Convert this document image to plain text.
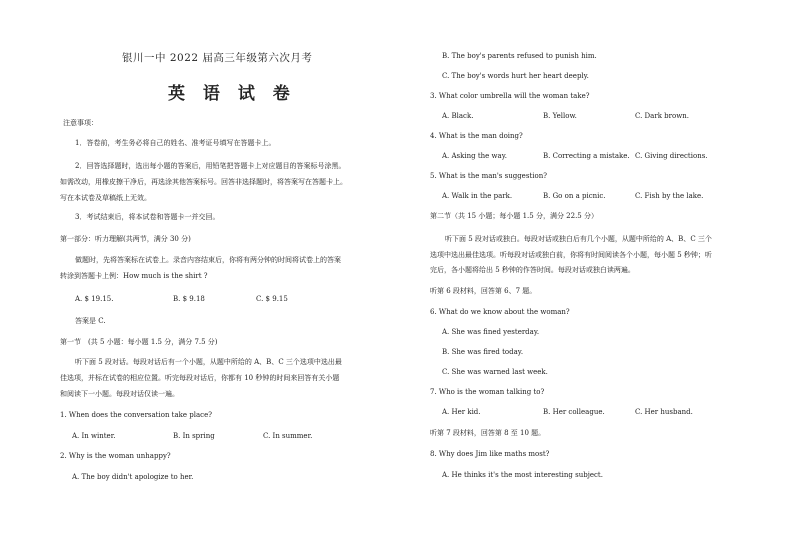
银川一中 2022 届高三年级第六次月考
英 语 试 卷
注意事项：
1．答卷前，考生务必将自己的姓名、准考证号填写在答题卡上。
2．回答选择题时，选出每小题的答案后，用铅笔把答题卡上对应题目的答案标号涂黑。
如需改动，用橡皮擦干净后，再选涂其他答案标号。回答非选择题时，将答案写在答题卡上。
写在本试卷及草稿纸上无效。
3．考试结束后，将本试卷和答题卡一并交回。
第一部分：听力理解(共两节，满分 30 分)
做题时，先将答案标在试卷上。录音内容结束后，你将有两分钟的时间将试卷上的答案
转涂到答题卡上例：How much is the shirt ?
A. $ 19.15.	B. $ 9.18	C. $ 9.15
答案是 C.
第一节　(共 5 小题：每小题 1.5 分，满分 7.5 分)
听下面 5 段对话。每段对话后有一个小题，从题中所给的 A、B、C 三个选项中选出最
佳选项，并标在试卷的相应位置。听完每段对话后，你都有 10 秒钟的时间来回答有关小题
和阅读下一小题。每段对话仅读一遍。
1. When does the conversation take place?
A. In winter.	B. In spring	C. In summer.
2. Why is the woman unhappy?
A. The boy didn't apologize to her.
B. The boy's parents refused to punish him.
C. The boy's words hurt her heart deeply.
3. What color umbrella will the woman take?
A. Black.	B. Yellow.	C. Dark brown.
4. What is the man doing?
A. Asking the way.	B. Correcting a mistake. C. Giving directions.
5. What is the man's suggestion?
A. Walk in the park.	B. Go on a picnic.	C. Fish by the lake.
第二节（共 15 小题；每小题 1.5 分，满分 22.5 分）
听下面 5 段对话或独白。每段对话或独白后有几个小题，从题中所给的 A、B、C 三个
选项中选出最佳选项。听每段对话或独白前，你将有时间阅读各个小题，每小题 5 秒钟；听
完后，各小题将给出 5 秒钟的作答时间。每段对话或独白读两遍。
听第 6 段材料，回答第 6、7 题。
6. What do we know about the woman?
A. She was fined yesterday.
B. She was fired today.
C. She was warned last week.
7. Who is the woman talking to?
A. Her kid.	B. Her colleague.	C. Her husband.
听第 7 段材料，回答第 8 至 10 题。
8. Why does Jim like maths most?
A. He thinks it's the most interesting subject.
